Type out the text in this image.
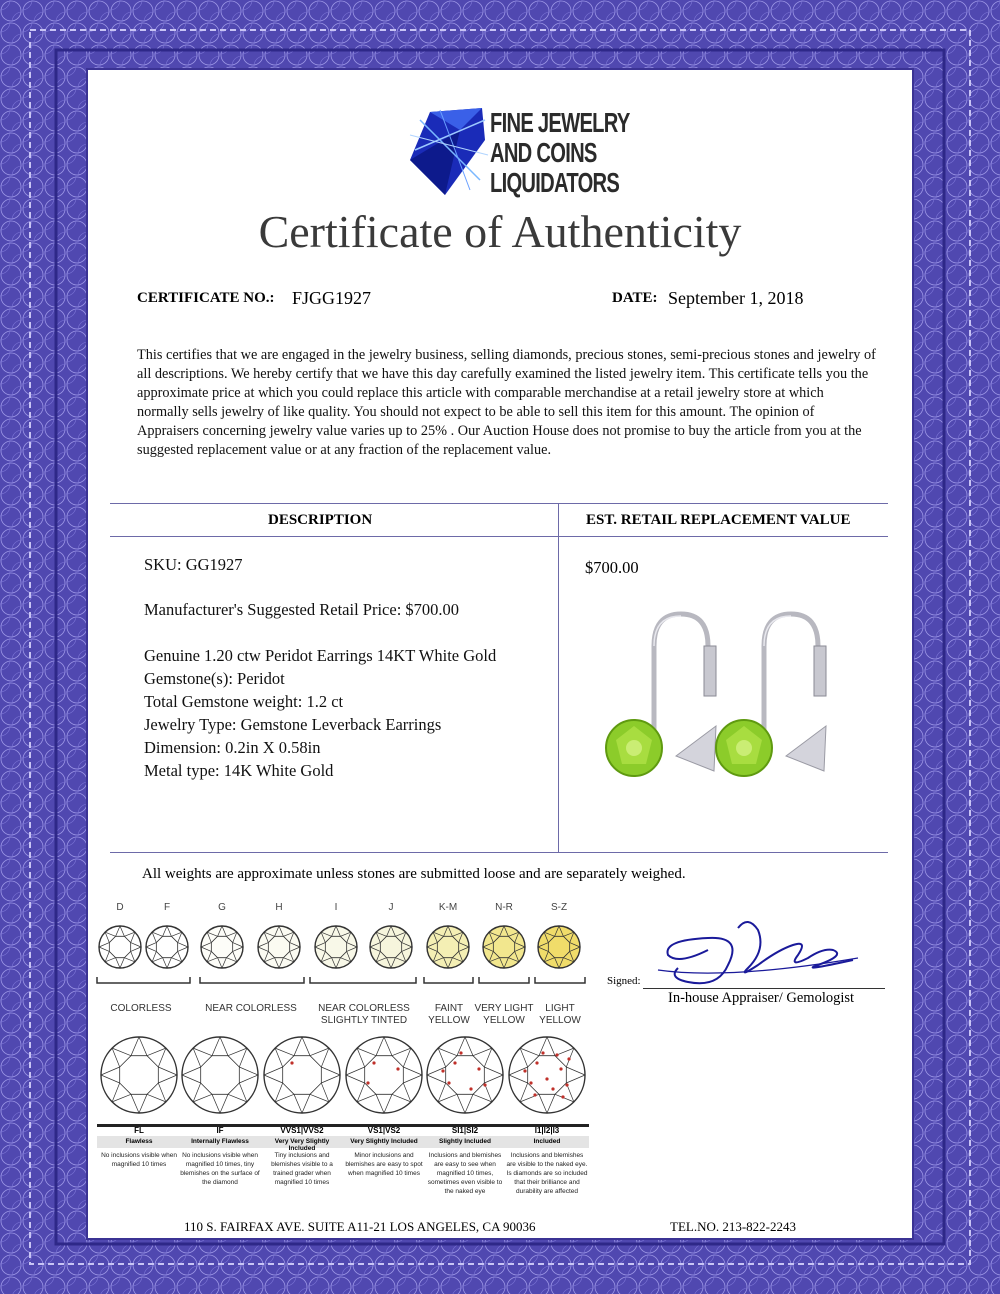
FINE JEWELRY
AND COINS
LIQUIDATORS
Certificate of Authenticity
CERTIFICATE NO.: FJGG1927	DATE: September 1, 2018
This certifies that we are engaged in the jewelry business, selling diamonds, precious stones, semi-precious stones and jewelry of all descriptions. We hereby certify that we have this day carefully examined the listed jewelry item. This certificate tells you the approximate price at which you could replace this article with comparable merchandise at a retail jewelry store at which normally sells jewelry of like quality. You should not expect to be able to sell this item for this amount. The opinion of Appraisers concerning jewelry value varies up to 25% . Our Auction House does not promise to buy the article from you at the suggested replacement value or at any fraction of the replacement value.
DESCRIPTION	EST. RETAIL REPLACEMENT VALUE
SKU: GG1927
Manufacturer's Suggested Retail Price: $700.00
Genuine 1.20 ctw Peridot Earrings 14KT White Gold
Gemstone(s): Peridot
Total Gemstone weight: 1.2 ct
Jewelry Type: Gemstone Leverback Earrings
Dimension: 0.2in X 0.58in
Metal type: 14K White Gold
$700.00
All weights are approximate unless stones are submitted loose and are separately weighed.
D	F	G	H	I	J	K-M	N-R	S-Z
COLORLESS	NEAR COLORLESS	NEAR COLORLESS
SLIGHTLY TINTED
FAINT
YELLOW
VERY LIGHT
YELLOW
LIGHT
YELLOW
FL
Flawless
No inclusions visible when magnified 10 times
IF
Internally Flawless
No inclusions visible when magnified 10 times, tiny blemishes on the surface of the diamond
VVS1|VVS2
Very Very Slightly Included
Tiny inclusions and blemishes visible to a trained grader when magnified 10 times
VS1|VS2
Very Slightly Included
Minor inclusions and blemishes are easy to spot when magnified 10 times
SI1|SI2
Slightly Included
Inclusions and blemishes are easy to see when magnified 10 times, sometimes even visible to the naked eye
I1|I2|I3
Included
Inclusions and blemishes are visible to the naked eye. Is diamonds are so included that their brilliance and durability are affected
Signed:
In-house Appraiser/ Gemologist
110 S. FAIRFAX AVE. SUITE A11-21 LOS ANGELES, CA 90036	TEL.NO. 213-822-2243
